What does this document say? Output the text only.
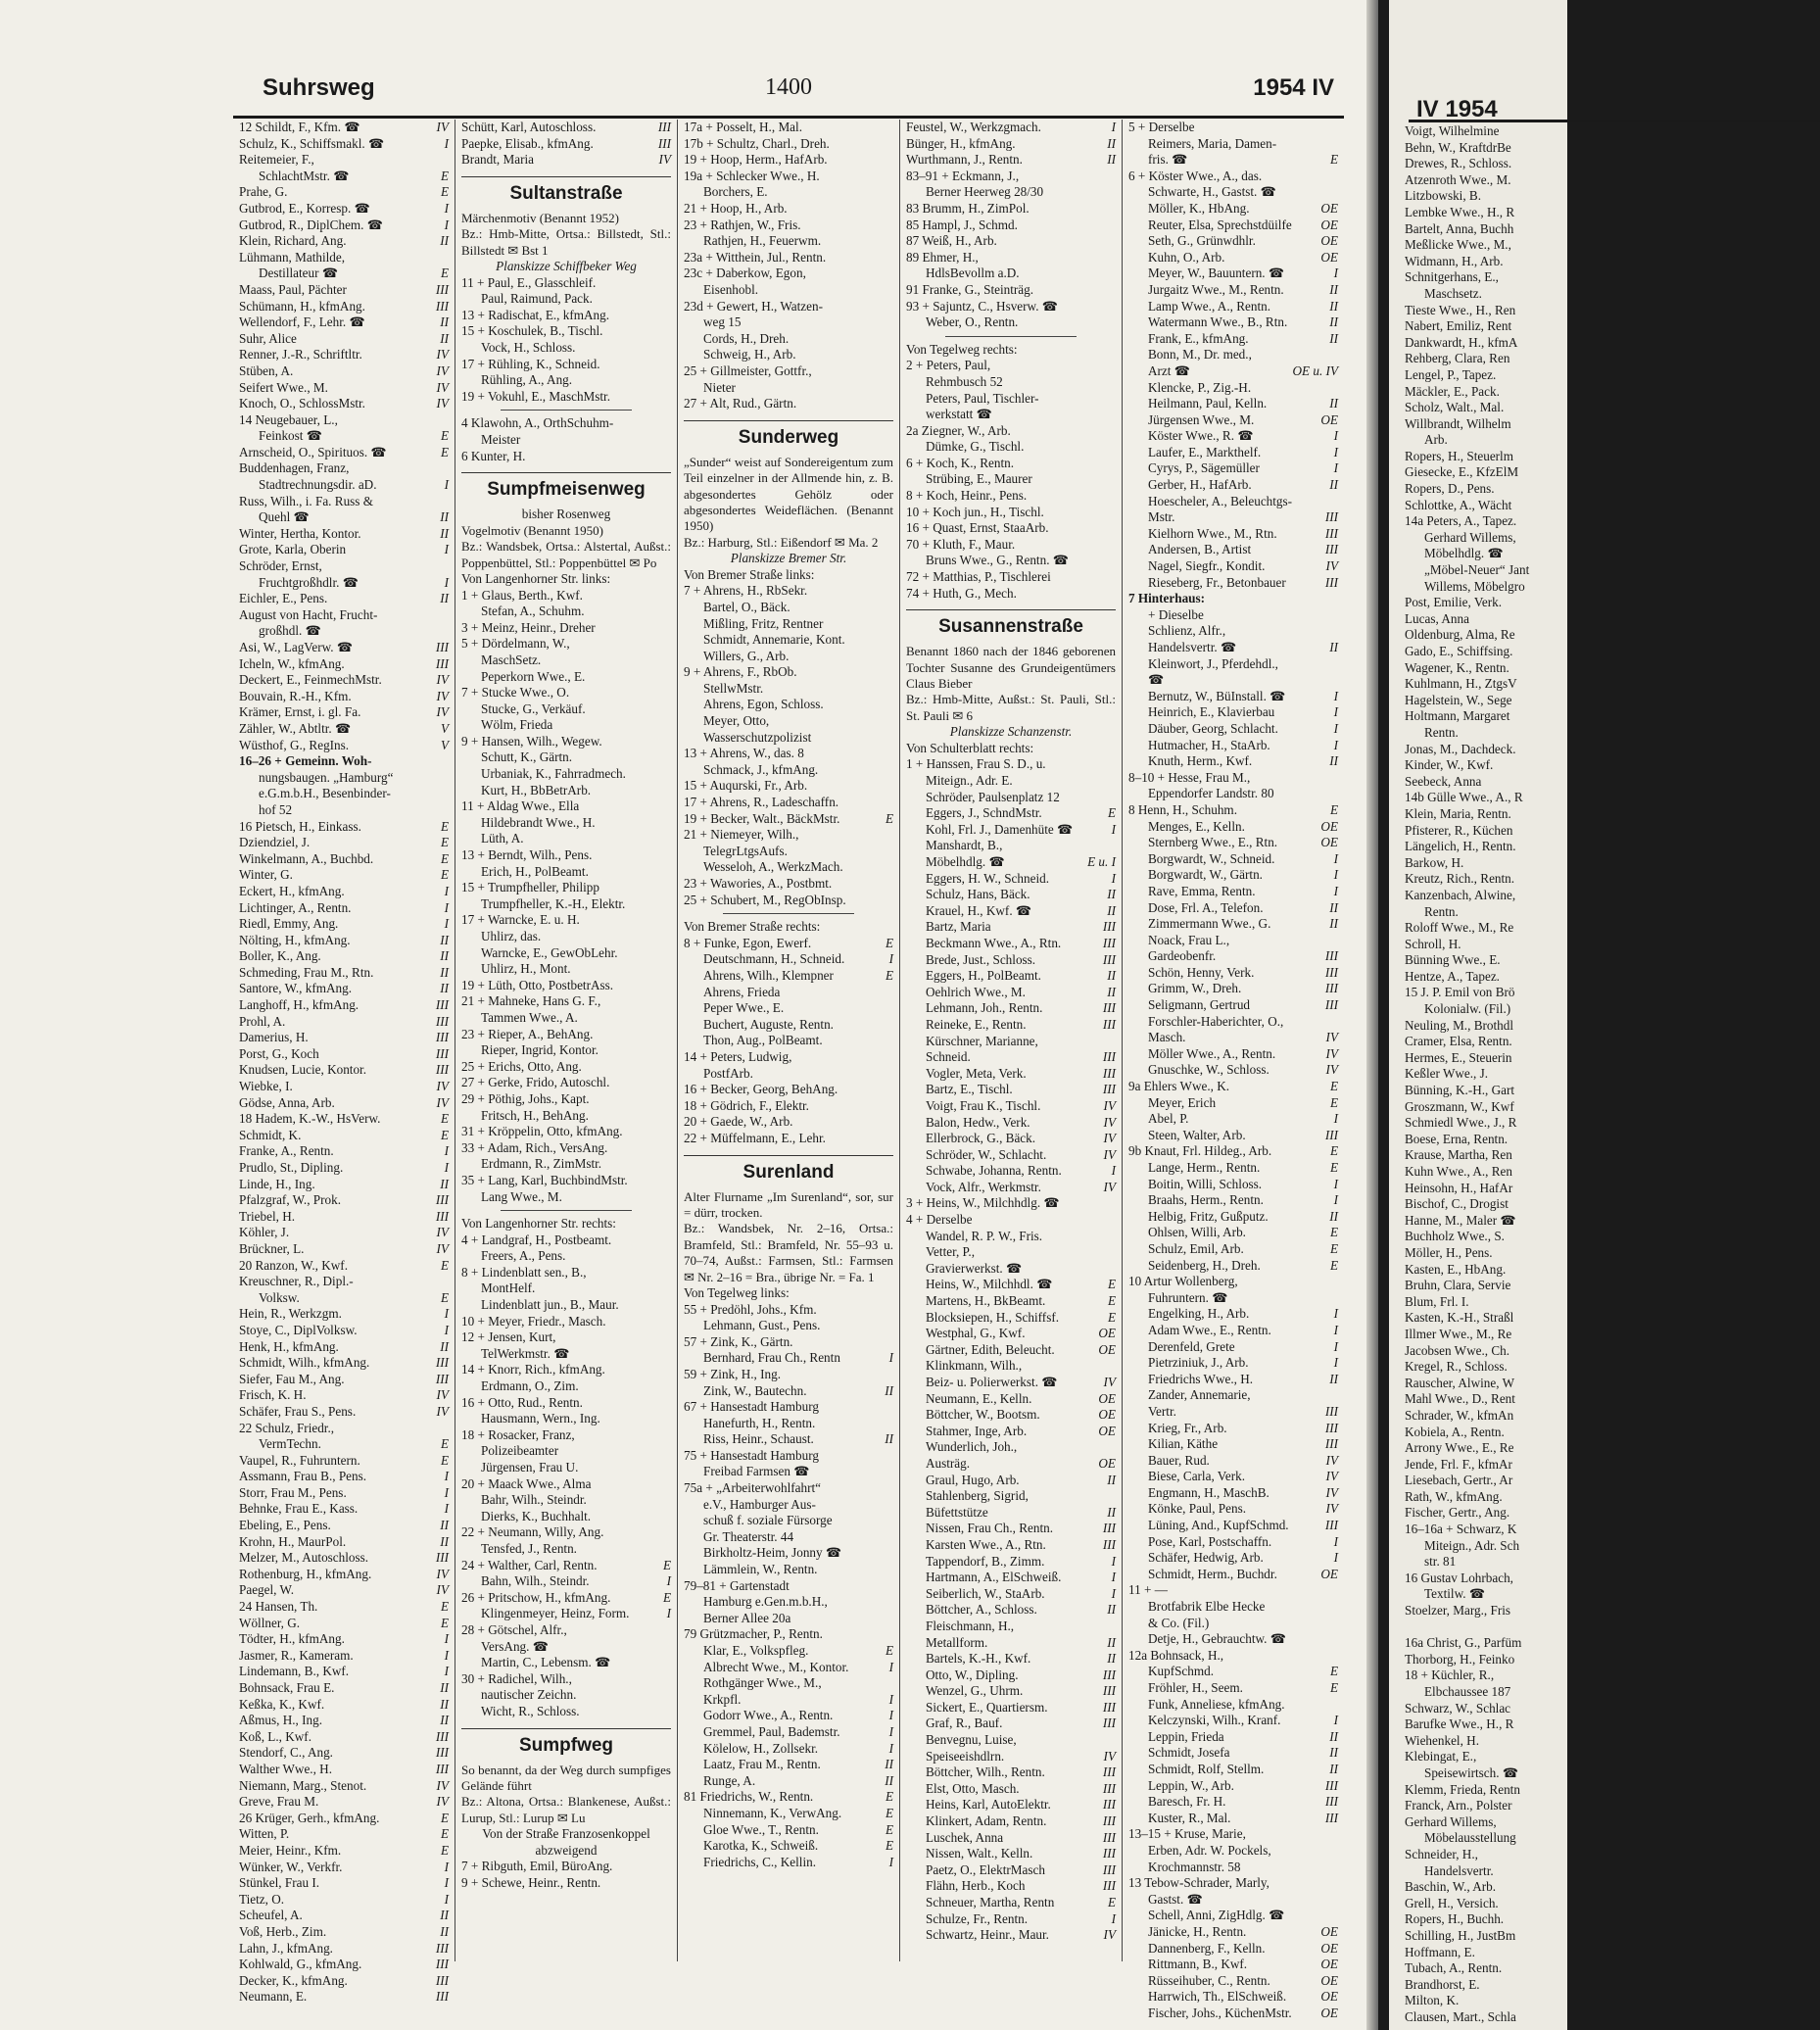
Suhrsweg	1400	1954 IV
12 Schildt, F., Kfm. ☎	IV
Schulz, K., Schiffsmakl. ☎	I
Reitemeier, F.,
SchlachtMstr. ☎	E
Prahe, G.	E
Gutbrod, E., Korresp. ☎	I
Gutbrod, R., DiplChem. ☎	I
Klein, Richard, Ang.	II
Lühmann, Mathilde,
Destillateur ☎	E
Maass, Paul, Pächter	III
Schümann, H., kfmAng.	III
Wellendorf, F., Lehr. ☎	II
Suhr, Alice	II
Renner, J.-R., Schriftltr.	IV
Stüben, A.	IV
Seifert Wwe., M.	IV
Knoch, O., SchlossMstr.	IV
14 Neugebauer, L.,
Feinkost ☎	E
Arnscheid, O., Spirituos. ☎	E
Buddenhagen, Franz,
Stadtrechnungsdir. aD.	I
Russ, Wilh., i. Fa. Russ &
Quehl ☎	II
Winter, Hertha, Kontor.	II
Grote, Karla, Oberin	I
Schröder, Ernst,
Fruchtgroßhdlr. ☎	I
Eichler, E., Pens.	II
August von Hacht, Frucht-
großhdl. ☎
Asi, W., LagVerw. ☎	III
Icheln, W., kfmAng.	III
Deckert, E., FeinmechMstr.	IV
Bouvain, R.-H., Kfm.	IV
Krämer, Ernst, i. gl. Fa.	IV
Zähler, W., Abtltr. ☎	V
Wüsthof, G., RegIns.	V
16–26 + Gemeinn. Woh-
nungsbaugen. „Hamburg“
e.G.m.b.H., Besenbinder-
hof 52
16 Pietsch, H., Einkass.	E
Dziendziel, J.	E
Winkelmann, A., Buchbd.	E
Winter, G.	E
Eckert, H., kfmAng.	I
Lichtinger, A., Rentn.	I
Riedl, Emmy, Ang.	I
Nölting, H., kfmAng.	II
Boller, K., Ang.	II
Schmeding, Frau M., Rtn.	II
Santore, W., kfmAng.	II
Langhoff, H., kfmAng.	III
Prohl, A.	III
Damerius, H.	III
Porst, G., Koch	III
Knudsen, Lucie, Kontor.	III
Wiebke, I.	IV
Gödse, Anna, Arb.	IV
18 Hadem, K.-W., HsVerw.	E
Schmidt, K.	E
Franke, A., Rentn.	I
Prudlo, St., Dipling.	I
Linde, H., Ing.	II
Pfalzgraf, W., Prok.	III
Triebel, H.	III
Köhler, J.	IV
Brückner, L.	IV
20 Ranzon, W., Kwf.	E
Kreuschner, R., Dipl.-
Volksw.	E
Hein, R., Werkzgm.	I
Stoye, C., DiplVolksw.	I
Henk, H., kfmAng.	II
Schmidt, Wilh., kfmAng.	III
Siefer, Fau M., Ang.	III
Frisch, K. H.	IV
Schäfer, Frau S., Pens.	IV
22 Schulz, Friedr.,
VermTechn.	E
Vaupel, R., Fuhruntern.	E
Assmann, Frau B., Pens.	I
Storr, Frau M., Pens.	I
Behnke, Frau E., Kass.	I
Ebeling, E., Pens.	II
Krohn, H., MaurPol.	II
Melzer, M., Autoschloss.	III
Rothenburg, H., kfmAng.	IV
Paegel, W.	IV
24 Hansen, Th.	E
Wöllner, G.	E
Tödter, H., kfmAng.	I
Jasmer, R., Kameram.	I
Lindemann, B., Kwf.	I
Bohnsack, Frau E.	II
Keßka, K., Kwf.	II
Aßmus, H., Ing.	II
Koß, L., Kwf.	III
Stendorf, C., Ang.	III
Walther Wwe., H.	III
Niemann, Marg., Stenot.	IV
Greve, Frau M.	IV
26 Krüger, Gerh., kfmAng.	E
Witten, P.	E
Meier, Heinr., Kfm.	E
Wünker, W., Verkfr.	I
Stünkel, Frau I.	I
Tietz, O.	I
Scheufel, A.	II
Voß, Herb., Zim.	II
Lahn, J., kfmAng.	III
Kohlwald, G., kfmAng.	III
Decker, K., kfmAng.	III
Neumann, E.	III
Schütt, Karl, Autoschloss.	III
Paepke, Elisab., kfmAng.	III
Brandt, Maria	IV
Sultanstraße
Märchenmotiv (Benannt 1952)
Bz.: Hmb-Mitte, Ortsa.: Billstedt, Stl.: Billstedt ✉ Bst 1
Planskizze Schiffbeker Weg
11 + Paul, E., Glasschleif.
Paul, Raimund, Pack.
13 + Radischat, E., kfmAng.
15 + Koschulek, B., Tischl.
Vock, H., Schloss.
17 + Rühling, K., Schneid.
Rühling, A., Ang.
19 + Vokuhl, E., MaschMstr.
4 Klawohn, A., OrthSchuhm-
Meister
6 Kunter, H.
Sumpfmeisenweg
bisher Rosenweg
Vogelmotiv (Benannt 1950)
Bz.: Wandsbek, Ortsa.: Alstertal, Außst.: Poppenbüttel, Stl.: Poppenbüttel ✉ Po
Von Langenhorner Str. links:
1 + Glaus, Berth., Kwf.
Stefan, A., Schuhm.
3 + Meinz, Heinr., Dreher
5 + Dördelmann, W.,
MaschSetz.
Peperkorn Wwe., E.
7 + Stucke Wwe., O.
Stucke, G., Verkäuf.
Wölm, Frieda
9 + Hansen, Wilh., Wegew.
Schutt, K., Gärtn.
Urbaniak, K., Fahrradmech.
Kurt, H., BbBetrArb.
11 + Aldag Wwe., Ella
Hildebrandt Wwe., H.
Lüth, A.
13 + Berndt, Wilh., Pens.
Erich, H., PolBeamt.
15 + Trumpfheller, Philipp
Trumpfheller, K.-H., Elektr.
17 + Warncke, E. u. H.
Uhlirz, das.
Warncke, E., GewObLehr.
Uhlirz, H., Mont.
19 + Lüth, Otto, PostbetrAss.
21 + Mahneke, Hans G. F.,
Tammen Wwe., A.
23 + Rieper, A., BehAng.
Rieper, Ingrid, Kontor.
25 + Erichs, Otto, Ang.
27 + Gerke, Frido, Autoschl.
29 + Pöthig, Johs., Kapt.
Fritsch, H., BehAng.
31 + Kröppelin, Otto, kfmAng.
33 + Adam, Rich., VersAng.
Erdmann, R., ZimMstr.
35 + Lang, Karl, BuchbindMstr.
Lang Wwe., M.
Von Langenhorner Str. rechts:
4 + Landgraf, H., Postbeamt.
Freers, A., Pens.
8 + Lindenblatt sen., B.,
MontHelf.
Lindenblatt jun., B., Maur.
10 + Meyer, Friedr., Masch.
12 + Jensen, Kurt,
TelWerkmstr. ☎
14 + Knorr, Rich., kfmAng.
Erdmann, O., Zim.
16 + Otto, Rud., Rentn.
Hausmann, Wern., Ing.
18 + Rosacker, Franz,
Polizeibeamter
Jürgensen, Frau U.
20 + Maack Wwe., Alma
Bahr, Wilh., Steindr.
Dierks, K., Buchhalt.
22 + Neumann, Willy, Ang.
Tensfed, J., Rentn.
24 + Walther, Carl, Rentn.	E
Bahn, Wilh., Steindr.	I
26 + Pritschow, H., kfmAng.	E
Klingenmeyer, Heinz, Form.	I
28 + Götschel, Alfr.,
VersAng. ☎
Martin, C., Lebensm. ☎
30 + Radichel, Wilh.,
nautischer Zeichn.
Wicht, R., Schloss.
Sumpfweg
So benannt, da der Weg durch sumpfiges Gelände führt
Bz.: Altona, Ortsa.: Blankenese, Außst.: Lurup, Stl.: Lurup ✉ Lu
Von der Straße Franzosenkoppel abzweigend
7 + Ribguth, Emil, BüroAng.
9 + Schewe, Heinr., Rentn.
17a + Posselt, H., Mal.
17b + Schultz, Charl., Dreh.
19 + Hoop, Herm., HafArb.
19a + Schlecker Wwe., H.
Borchers, E.
21 + Hoop, H., Arb.
23 + Rathjen, W., Fris.
Rathjen, H., Feuerwm.
23a + Witthein, Jul., Rentn.
23c + Daberkow, Egon,
Eisenhobl.
23d + Gewert, H., Watzen-
weg 15
Cords, H., Dreh.
Schweig, H., Arb.
25 + Gillmeister, Gottfr.,
Nieter
27 + Alt, Rud., Gärtn.
Sunderweg
„Sunder“ weist auf Sondereigentum zum Teil einzelner in der Allmende hin, z. B. abgesondertes Gehölz oder abgesondertes Weideflächen. (Benannt 1950)
Bz.: Harburg, Stl.: Eißendorf ✉ Ma. 2
Planskizze Bremer Str.
Von Bremer Straße links:
7 + Ahrens, H., RbSekr.
Bartel, O., Bäck.
Mißling, Fritz, Rentner
Schmidt, Annemarie, Kont.
Willers, G., Arb.
9 + Ahrens, F., RbOb.
StellwMstr.
Ahrens, Egon, Schloss.
Meyer, Otto,
Wasserschutzpolizist
13 + Ahrens, W., das. 8
Schmack, J., kfmAng.
15 + Auqurski, Fr., Arb.
17 + Ahrens, R., Ladeschaffn.
19 + Becker, Walt., BäckMstr.	E
21 + Niemeyer, Wilh.,
TelegrLtgsAufs.
Wesseloh, A., WerkzMach.
23 + Wawories, A., Postbmt.
25 + Schubert, M., RegObInsp.
Von Bremer Straße rechts:
8 + Funke, Egon, Ewerf.	E
Deutschmann, H., Schneid.	I
Ahrens, Wilh., Klempner	E
Ahrens, Frieda
Peper Wwe., E.
Buchert, Auguste, Rentn.
Thon, Aug., PolBeamt.
14 + Peters, Ludwig,
PostfArb.
16 + Becker, Georg, BehAng.
18 + Gödrich, F., Elektr.
20 + Gaede, W., Arb.
22 + Müffelmann, E., Lehr.
Surenland
Alter Flurname „Im Surenland“, sor, sur = dürr, trocken.
Bz.: Wandsbek, Nr. 2–16, Ortsa.: Bramfeld, Stl.: Bramfeld, Nr. 55–93 u. 70–74, Außst.: Farmsen, Stl.: Farmsen ✉ Nr. 2–16 = Bra., übrige Nr. = Fa. 1
Von Tegelweg links:
55 + Predöhl, Johs., Kfm.
Lehmann, Gust., Pens.
57 + Zink, K., Gärtn.
Bernhard, Frau Ch., Rentn	I
59 + Zink, H., Ing.
Zink, W., Bautechn.	II
67 + Hansestadt Hamburg
Hanefurth, H., Rentn.
Riss, Heinr., Schaust.	II
75 + Hansestadt Hamburg
Freibad Farmsen ☎
75a + „Arbeiterwohlfahrt“
e.V., Hamburger Aus-
schuß f. soziale Fürsorge
Gr. Theaterstr. 44
Birkholtz-Heim, Jonny ☎
Lämmlein, W., Rentn.
79–81 + Gartenstadt
Hamburg e.Gen.m.b.H.,
Berner Allee 20a
79 Grützmacher, P., Rentn.
Klar, E., Volkspfleg.	E
Albrecht Wwe., M., Kontor.	I
Rothgänger Wwe., M.,
Krkpfl.	I
Godorr Wwe., A., Rentn.	I
Gremmel, Paul, Bademstr.	I
Kölelow, H., Zollsekr.	I
Laatz, Frau M., Rentn.	II
Runge, A.	II
81 Friedrichs, W., Rentn.	E
Ninnemann, K., VerwAng.	E
Gloe Wwe., T., Rentn.	E
Karotka, K., Schweiß.	E
Friedrichs, C., Kellin.	I
Feustel, W., Werkzgmach.	I
Bünger, H., kfmAng.	II
Wurthmann, J., Rentn.	II
83–91 + Eckmann, J.,
Berner Heerweg 28/30
83 Brumm, H., ZimPol.
85 Hampl, J., Schmd.
87 Weiß, H., Arb.
89 Ehmer, H.,
HdlsBevollm a.D.
91 Franke, G., Steinträg.
93 + Sajuntz, C., Hsverw. ☎
Weber, O., Rentn.
Von Tegelweg rechts:
2 + Peters, Paul,
Rehmbusch 52
Peters, Paul, Tischler-
werkstatt ☎
2a Ziegner, W., Arb.
Dümke, G., Tischl.
6 + Koch, K., Rentn.
Strübing, E., Maurer
8 + Koch, Heinr., Pens.
10 + Koch jun., H., Tischl.
16 + Quast, Ernst, StaaArb.
70 + Kluth, F., Maur.
Bruns Wwe., G., Rentn. ☎
72 + Matthias, P., Tischlerei
74 + Huth, G., Mech.
Susannenstraße
Benannt 1860 nach der 1846 geborenen Tochter Susanne des Grundeigentümers Claus Bieber
Bz.: Hmb-Mitte, Außst.: St. Pauli, Stl.: St. Pauli ✉ 6
Planskizze Schanzenstr.
Von Schulterblatt rechts:
1 + Hanssen, Frau S. D., u.
Miteign., Adr. E.
Schröder, Paulsenplatz 12
Eggers, J., SchndMstr.	E
Kohl, Frl. J., Damenhüte ☎	I
Manshardt, B.,
Möbelhdlg. ☎	E u. I
Eggers, H. W., Schneid.	I
Schulz, Hans, Bäck.	II
Krauel, H., Kwf. ☎	II
Bartz, Maria	III
Beckmann Wwe., A., Rtn.	III
Brede, Just., Schloss.	III
Eggers, H., PolBeamt.	II
Oehlrich Wwe., M.	II
Lehmann, Joh., Rentn.	III
Reineke, E., Rentn.	III
Kürschner, Marianne,
Schneid.	III
Vogler, Meta, Verk.	III
Bartz, E., Tischl.	III
Voigt, Frau K., Tischl.	IV
Balon, Hedw., Verk.	IV
Ellerbrock, G., Bäck.	IV
Schröder, W., Schlacht.	IV
Schwabe, Johanna, Rentn.	I
Vock, Alfr., Werkmstr.	IV
3 + Heins, W., Milchhdlg. ☎
4 + Derselbe
Wandel, R. P. W., Fris.
Vetter, P.,
Gravierwerkst. ☎
Heins, W., Milchhdl. ☎	E
Martens, H., BkBeamt.	E
Blocksiepen, H., Schiffsf.	E
Westphal, G., Kwf.	OE
Gärtner, Edith, Beleucht.	OE
Klinkmann, Wilh.,
Beiz- u. Polierwerkst. ☎	IV
Neumann, E., Kelln.	OE
Böttcher, W., Bootsm.	OE
Stahmer, Inge, Arb.	OE
Wunderlich, Joh.,
Austräg.	OE
Graul, Hugo, Arb.	II
Stahlenberg, Sigrid,
Büfettstütze	II
Nissen, Frau Ch., Rentn.	III
Karsten Wwe., A., Rtn.	III
Tappendorf, B., Zimm.	I
Hartmann, A., ElSchweiß.	I
Seiberlich, W., StaArb.	I
Böttcher, A., Schloss.	II
Fleischmann, H.,
Metallform.	II
Bartels, K.-H., Kwf.	II
Otto, W., Dipling.	III
Wenzel, G., Uhrm.	III
Sickert, E., Quartiersm.	III
Graf, R., Bauf.	III
Benvegnu, Luise,
Speiseeishdlrn.	IV
Böttcher, Wilh., Rentn.	III
Elst, Otto, Masch.	III
Heins, Karl, AutoElektr.	III
Klinkert, Adam, Rentn.	III
Luschek, Anna	III
Nissen, Walt., Kelln.	III
Paetz, O., ElektrMasch	III
Flähn, Herb., Koch	III
Schneuer, Martha, Rentn	E
Schulze, Fr., Rentn.	I
Schwartz, Heinr., Maur.	IV
5 + Derselbe
Reimers, Maria, Damen-
fris. ☎	E
6 + Köster Wwe., A., das.
Schwarte, H., Gastst. ☎
Möller, K., HbAng.	OE
Reuter, Elsa, Sprechstdüilfe	OE
Seth, G., Grünwdhlr.	OE
Kuhn, O., Arb.	OE
Meyer, W., Bauuntern. ☎	I
Jurgaitz Wwe., M., Rentn.	II
Lamp Wwe., A., Rentn.	II
Watermann Wwe., B., Rtn.	II
Frank, E., kfmAng.	II
Bonn, M., Dr. med.,
Arzt ☎	OE u. IV
Klencke, P., Zig.-H.
Heilmann, Paul, Kelln.	II
Jürgensen Wwe., M.	OE
Köster Wwe., R. ☎	I
Laufer, E., Markthelf.	I
Cyrys, P., Sägemüller	I
Gerber, H., HafArb.	II
Hoescheler, A., Beleuchtgs-
Mstr.	III
Kielhorn Wwe., M., Rtn.	III
Andersen, B., Artist	III
Nagel, Siegfr., Kondit.	IV
Rieseberg, Fr., Betonbauer	III
7 Hinterhaus:
+ Dieselbe
Schlienz, Alfr.,
Handelsvertr. ☎	II
Kleinwort, J., Pferdehdl.,
☎
Bernutz, W., BüInstall. ☎	I
Heinrich, E., Klavierbau	I
Däuber, Georg, Schlacht.	I
Hutmacher, H., StaArb.	I
Knuth, Herm., Kwf.	II
8–10 + Hesse, Frau M.,
Eppendorfer Landstr. 80
8 Henn, H., Schuhm.	E
Menges, E., Kelln.	OE
Sternberg Wwe., E., Rtn.	OE
Borgwardt, W., Schneid.	I
Borgwardt, W., Gärtn.	I
Rave, Emma, Rentn.	I
Dose, Frl. A., Telefon.	II
Zimmermann Wwe., G.	II
Noack, Frau L.,
Gardeobenfr.	III
Schön, Henny, Verk.	III
Grimm, W., Dreh.	III
Seligmann, Gertrud	III
Forschler-Haberichter, O.,
Masch.	IV
Möller Wwe., A., Rentn.	IV
Gnuschke, W., Schloss.	IV
9a Ehlers Wwe., K.	E
Meyer, Erich	E
Abel, P.	I
Steen, Walter, Arb.	III
9b Knaut, Frl. Hildeg., Arb.	E
Lange, Herm., Rentn.	E
Boitin, Willi, Schloss.	I
Braahs, Herm., Rentn.	I
Helbig, Fritz, Gußputz.	II
Ohlsen, Willi, Arb.	E
Schulz, Emil, Arb.	E
Seidenberg, H., Dreh.	E
10 Artur Wollenberg,
Fuhruntern. ☎
Engelking, H., Arb.	I
Adam Wwe., E., Rentn.	I
Derenfeld, Grete	I
Pietrziniuk, J., Arb.	I
Friedrichs Wwe., H.	II
Zander, Annemarie,
Vertr.	III
Krieg, Fr., Arb.	III
Kilian, Käthe	III
Bauer, Rud.	IV
Biese, Carla, Verk.	IV
Engmann, H., MaschB.	IV
Könke, Paul, Pens.	IV
Lüning, And., KupfSchmd.	III
Pose, Karl, Postschaffn.	I
Schäfer, Hedwig, Arb.	I
Schmidt, Herm., Buchdr.	OE
11 + —
Brotfabrik Elbe Hecke
& Co. (Fil.)
Detje, H., Gebrauchtw. ☎
12a Bohnsack, H.,
KupfSchmd.	E
Fröhler, H., Seem.	E
Funk, Anneliese, kfmAng.
Kelczynski, Wilh., Kranf.	I
Leppin, Frieda	II
Schmidt, Josefa	II
Schmidt, Rolf, Stellm.	II
Leppin, W., Arb.	III
Baresch, Fr. H.	III
Kuster, R., Mal.	III
13–15 + Kruse, Marie,
Erben, Adr. W. Pockels,
Krochmannstr. 58
13 Tebow-Schrader, Marly,
Gastst. ☎
Schell, Anni, ZigHdlg. ☎
Jänicke, H., Rentn.	OE
Dannenberg, F., Kelln.	OE
Rittmann, B., Kwf.	OE
Rüsseihuber, C., Rentn.	OE
Harrwich, Th., ElSchweiß.	OE
Fischer, Johs., KüchenMstr.	OE
IV 1954
Voigt, Wilhelmine
Behn, W., KraftdrBe
Drewes, R., Schloss.
Atzenroth Wwe., M.
Litzbowski, B.
Lembke Wwe., H., R
Bartelt, Anna, Buchh
Meßlicke Wwe., M.,
Widmann, H., Arb.
Schnitgerhans, E.,
Maschsetz.
Tieste Wwe., H., Ren
Nabert, Emiliz, Rent
Dankwardt, H., kfmA
Rehberg, Clara, Ren
Lengel, P., Tapez.
Mäckler, E., Pack.
Scholz, Walt., Mal.
Willbrandt, Wilhelm
Arb.
Ropers, H., Steuerlm
Giesecke, E., KfzElM
Ropers, D., Pens.
Schlottke, A., Wächt
14a Peters, A., Tapez.
Gerhard Willems,
Möbelhdlg. ☎
„Möbel-Neuer“ Jant
Willems, Möbelgro
Post, Emilie, Verk.
Lucas, Anna
Oldenburg, Alma, Re
Gado, E., Schiffsing.
Wagener, K., Rentn.
Kuhlmann, H., ZtgsV
Hagelstein, W., Sege
Holtmann, Margaret
Rentn.
Jonas, M., Dachdeck.
Kinder, W., Kwf.
Seebeck, Anna
14b Gülle Wwe., A., R
Klein, Maria, Rentn.
Pfisterer, R., Küchen
Längelich, H., Rentn.
Barkow, H.
Kreutz, Rich., Rentn.
Kanzenbach, Alwine,
Rentn.
Roloff Wwe., M., Re
Schroll, H.
Bünning Wwe., E.
Hentze, A., Tapez.
15 J. P. Emil von Brö
Kolonialw. (Fil.)
Neuling, M., Brothdl
Cramer, Elsa, Rentn.
Hermes, E., Steuerin
Keßler Wwe., J.
Bünning, K.-H., Gart
Groszmann, W., Kwf
Schmiedl Wwe., J., R
Boese, Erna, Rentn.
Krause, Martha, Ren
Kuhn Wwe., A., Ren
Heinsohn, H., HafAr
Bischof, C., Drogist
Hanne, M., Maler ☎
Buchholz Wwe., S.
Möller, H., Pens.
Kasten, E., HbAng.
Bruhn, Clara, Servie
Blum, Frl. I.
Kasten, K.-H., Straßl
Illmer Wwe., M., Re
Jacobsen Wwe., Ch.
Kregel, R., Schloss.
Rauscher, Alwine, W
Mahl Wwe., D., Rent
Schrader, W., kfmAn
Kobiela, A., Rentn.
Arrony Wwe., E., Re
Jende, Frl. F., kfmAr
Liesebach, Gertr., Ar
Rath, W., kfmAng.
Fischer, Gertr., Ang.
16–16a + Schwarz, K
Miteign., Adr. Sch
str. 81
16 Gustav Lohrbach,
Textilw. ☎
Stoelzer, Marg., Fris

16a Christ, G., Parfüm
Thorborg, H., Feinko
18 + Küchler, R.,
Elbchaussee 187
Schwarz, W., Schlac
Barufke Wwe., H., R
Wiehenkel, H.
Klebingat, E.,
Speisewirtsch. ☎
Klemm, Frieda, Rentn
Franck, Arn., Polster
Gerhard Willems,
Möbelausstellung
Schneider, H.,
Handelsvertr.
Baschin, W., Arb.
Grell, H., Versich.
Ropers, H., Buchh.
Schilling, H., JustBm
Hoffmann, E.
Tubach, A., Rentn.
Brandhorst, E.
Milton, K.
Clausen, Mart., Schla
